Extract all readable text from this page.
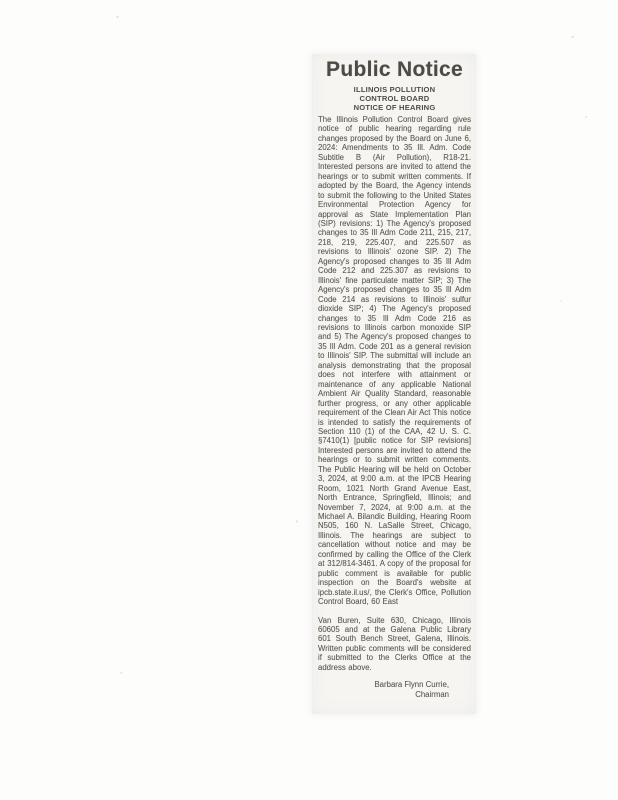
Public Notice
ILLINOIS POLLUTION
CONTROL BOARD
NOTICE OF HEARING

The Illinois Pollution Control Board gives notice of public hearing regarding rule changes proposed by the Board on June 6, 2024: Amendments to 35 Ill. Adm. Code Subtitle B (Air Pollution), R18-21. Interested persons are invited to attend the hearings or to submit written comments. If adopted by the Board, the Agency intends to submit the following to the United States Environmental Protection Agency for approval as State Implementation Plan (SIP) revisions: 1) The Agency's proposed changes to 35 Ill Adm Code 211, 215, 217, 218, 219, 225.407, and 225.507 as revisions to Illinois' ozone SIP. 2) The Agency's proposed changes to 35 Ill Adm Code 212 and 225.307 as revisions to Illinois' fine particulate matter SIP; 3) The Agency's proposed changes to 35 Ill Adm Code 214 as revisions to Illinois' sulfur dioxide SIP; 4) The Agency's proposed changes to 35 Ill Adm Code 216 as revisions to Illinois carbon monoxide SIP and 5) The Agency's proposed changes to 35 Ill Adm. Code 201 as a general revision to Illinois' SIP. The submittal will include an analysis demonstrating that the proposal does not interfere with attainment or maintenance of any applicable National Ambient Air Quality Standard, reasonable further progress, or any other applicable requirement of the Clean Air Act This notice is intended to satisfy the requirements of Section 110 (1) of the CAA, 42 U. S. C. §7410(1) [public notice for SIP revisions] Interested persons are invited to attend the hearings or to submit written comments. The Public Hearing will be held on October 3, 2024, at 9:00 a.m. at the IPCB Hearing Room, 1021 North Grand Avenue East, North Entrance, Springfield, Illinois; and November 7, 2024, at 9:00 a.m. at the Michael A. Bilandic Building, Hearing Room N505, 160 N. LaSalle Street, Chicago, Illinois. The hearings are subject to cancellation without notice and may be confirmed by calling the Office of the Clerk at 312/814-3461. A copy of the proposal for public comment is available for public inspection on the Board's website at ipcb.state.il.us/, the Clerk's Office, Pollution Control Board, 60 East

Van Buren, Suite 630, Chicago, Illinois 60605 and at the Galena Public Library 601 South Bench Street, Galena, Illinois. Written public comments will be considered if submitted to the Clerks Office at the address above.

Barbara Flynn Currie,
Chairman
